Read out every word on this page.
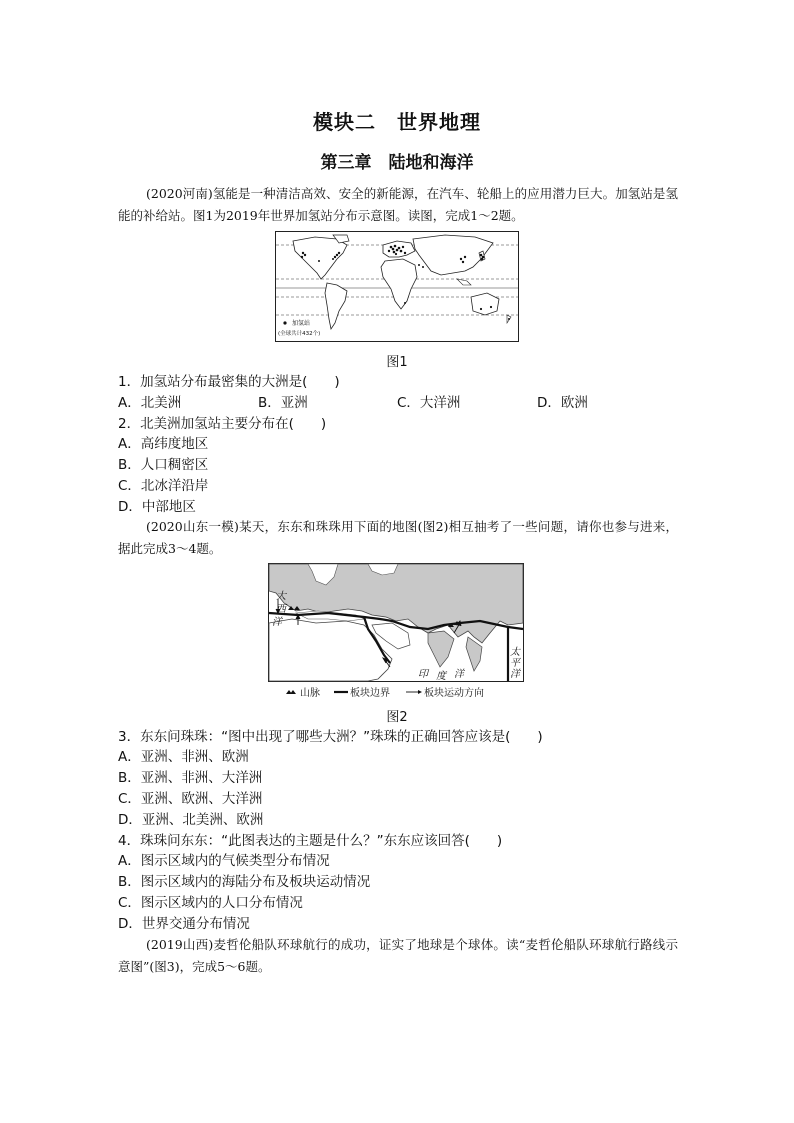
模块二　世界地理
第三章　陆地和海洋
(2020河南)氢能是一种清洁高效、安全的新能源，在汽车、轮船上的应用潜力巨大。加氢站是氢能的补给站。图1为2019年世界加氢站分布示意图。读图，完成1～2题。
加氢站
(全球共计432个)
图1
1．加氢站分布最密集的大洲是(　　)
A．北美洲	B．亚洲	C．大洋洲	D．欧洲
2．北美洲加氢站主要分布在(　　)
A．高纬度地区
B．人口稠密区
C．北冰洋沿岸
D．中部地区
(2020山东一模)某天，东东和珠珠用下面的地图(图2)相互抽考了一些问题，请你也参与进来，据此完成3～4题。
大
西
洋
印 度 洋
太
平
洋
山脉	板块边界	板块运动方向
图2
3．东东问珠珠：“图中出现了哪些大洲？”珠珠的正确回答应该是(　　)
A．亚洲、非洲、欧洲
B．亚洲、非洲、大洋洲
C．亚洲、欧洲、大洋洲
D．亚洲、北美洲、欧洲
4．珠珠问东东：“此图表达的主题是什么？”东东应该回答(　　)
A．图示区域内的气候类型分布情况
B．图示区域内的海陆分布及板块运动情况
C．图示区域内的人口分布情况
D．世界交通分布情况
(2019山西)麦哲伦船队环球航行的成功，证实了地球是个球体。读“麦哲伦船队环球航行路线示意图”(图3)，完成5～6题。
